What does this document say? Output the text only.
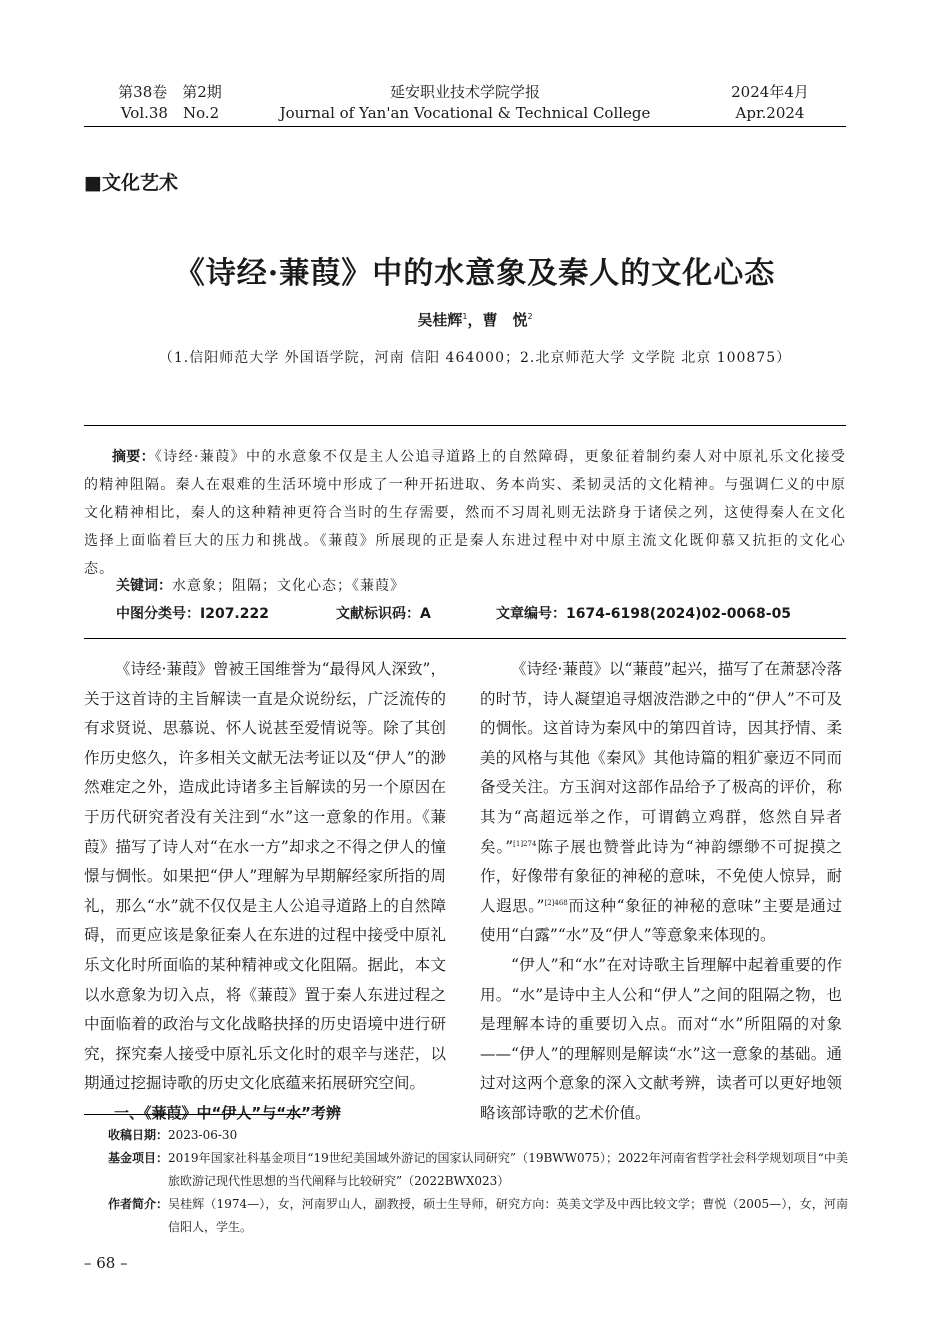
第38卷　第2期
Vol.38　No.2
延安职业技术学院学报
Journal of Yan'an Vocational & Technical College
2024年4月
Apr.2024
■文化艺术
《诗经·蒹葭》中的水意象及秦人的文化心态
吴桂辉$^1$，曹　悦$^2$
（1.信阳师范大学 外国语学院，河南 信阳 464000；2.北京师范大学 文学院 北京 100875）
摘要：《诗经·蒹葭》中的水意象不仅是主人公追寻道路上的自然障碍，更象征着制约秦人对中原礼乐文化接受的精神阻隔。秦人在艰难的生活环境中形成了一种开拓进取、务本尚实、柔韧灵活的文化精神。与强调仁义的中原文化精神相比，秦人的这种精神更符合当时的生存需要，然而不习周礼则无法跻身于诸侯之列，这使得秦人在文化选择上面临着巨大的压力和挑战。《蒹葭》所展现的正是秦人东进过程中对中原主流文化既仰慕又抗拒的文化心态。
关键词：水意象；阻隔；文化心态；《蒹葭》
中图分类号：I207.222	文献标识码：A	文章编号：1674-6198(2024)02-0068-05

《诗经·蒹葭》曾被王国维誉为“最得风人深致”，关于这首诗的主旨解读一直是众说纷纭，广泛流传的有求贤说、思慕说、怀人说甚至爱情说等。除了其创作历史悠久，许多相关文献无法考证以及“伊人”的渺然难定之外，造成此诗诸多主旨解读的另一个原因在于历代研究者没有关注到“水”这一意象的作用。《蒹葭》描写了诗人对“在水一方”却求之不得之伊人的憧憬与惆怅。如果把“伊人”理解为早期解经家所指的周礼，那么“水”就不仅仅是主人公追寻道路上的自然障碍，而更应该是象征秦人在东进的过程中接受中原礼乐文化时所面临的某种精神或文化阻隔。据此，本文以水意象为切入点，将《蒹葭》置于秦人东进过程之中面临着的政治与文化战略抉择的历史语境中进行研究，探究秦人接受中原礼乐文化时的艰辛与迷茫，以期通过挖掘诗歌的历史文化底蕴来拓展研究空间。

一、《蒹葭》中“伊人”与“水”考辨

《诗经·蒹葭》以“蒹葭”起兴，描写了在萧瑟冷落的时节，诗人凝望追寻烟波浩渺之中的“伊人”不可及的惆怅。这首诗为秦风中的第四首诗，因其抒情、柔美的风格与其他《秦风》其他诗篇的粗犷豪迈不同而备受关注。方玉润对这部作品给予了极高的评价，称其为“高超远举之作，可谓鹤立鸡群，悠然自异者矣。”$^{[1]274}$陈子展也赞誉此诗为“神韵缥缈不可捉摸之作，好像带有象征的神秘的意味，不免使人惊异，耐人遐思。”$^{[2]468}$而这种“象征的神秘的意味”主要是通过使用“白露”“水”及“伊人”等意象来体现的。

“伊人”和“水”在对诗歌主旨理解中起着重要的作用。“水”是诗中主人公和“伊人”之间的阻隔之物，也是理解本诗的重要切入点。而对“水”所阻隔的对象——“伊人”的理解则是解读“水”这一意象的基础。通过对这两个意象的深入文献考辨，读者可以更好地领略该部诗歌的艺术价值。

收稿日期： 2023-06-30
基金项目： 2019年国家社科基金项目“19世纪美国域外游记的国家认同研究”（19BWW075）；2022年河南省哲学社会科学规划项目“中美旅欧游记现代性思想的当代阐释与比较研究”（2022BWX023）
作者简介： 吴桂辉（1974—），女，河南罗山人，副教授，硕士生导师，研究方向：英美文学及中西比较文学；曹悦（2005—），女，河南信阳人，学生。
– 68 –
